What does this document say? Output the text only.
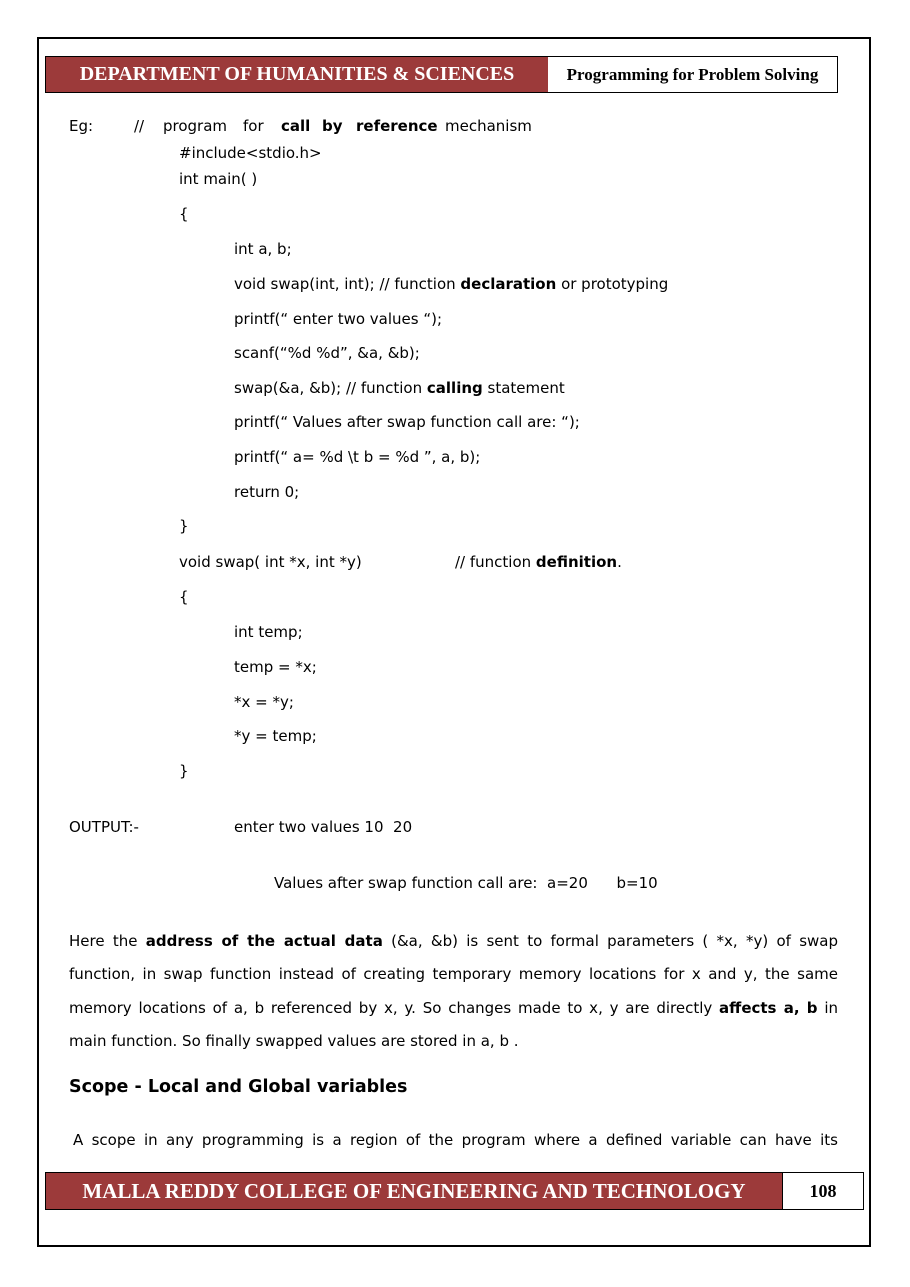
DEPARTMENT OF HUMANITIES & SCIENCES	Programming for Problem Solving
Eg:	// program for call by reference mechanism
#include<stdio.h>
int main( )
{
int a, b;
void swap(int, int); // function declaration or prototyping
printf(“ enter two values “);
scanf(“%d %d”, &a, &b);
swap(&a, &b); // function calling statement
printf(“ Values after swap function call are: “);
printf(“ a= %d \t b = %d ”, a, b);
return 0;
}
void swap( int *x, int *y)	// function definition.
{
int temp;
temp = *x;
*x = *y;
*y = temp;
}
OUTPUT:-	enter two values 10  20
Values after swap function call are:  a=20      b=10

Here the address of the actual data (&a, &b) is sent to formal parameters ( *x, *y) of swap function, in swap function instead of creating temporary memory locations for x and y, the same memory locations of a, b referenced by x, y. So changes made to x, y are directly affects a, b in main function. So finally swapped values are stored in a, b .

Scope - Local and Global variables
A scope in any programming is a region of the program where a defined variable can have its
MALLA REDDY COLLEGE OF ENGINEERING AND TECHNOLOGY	108
